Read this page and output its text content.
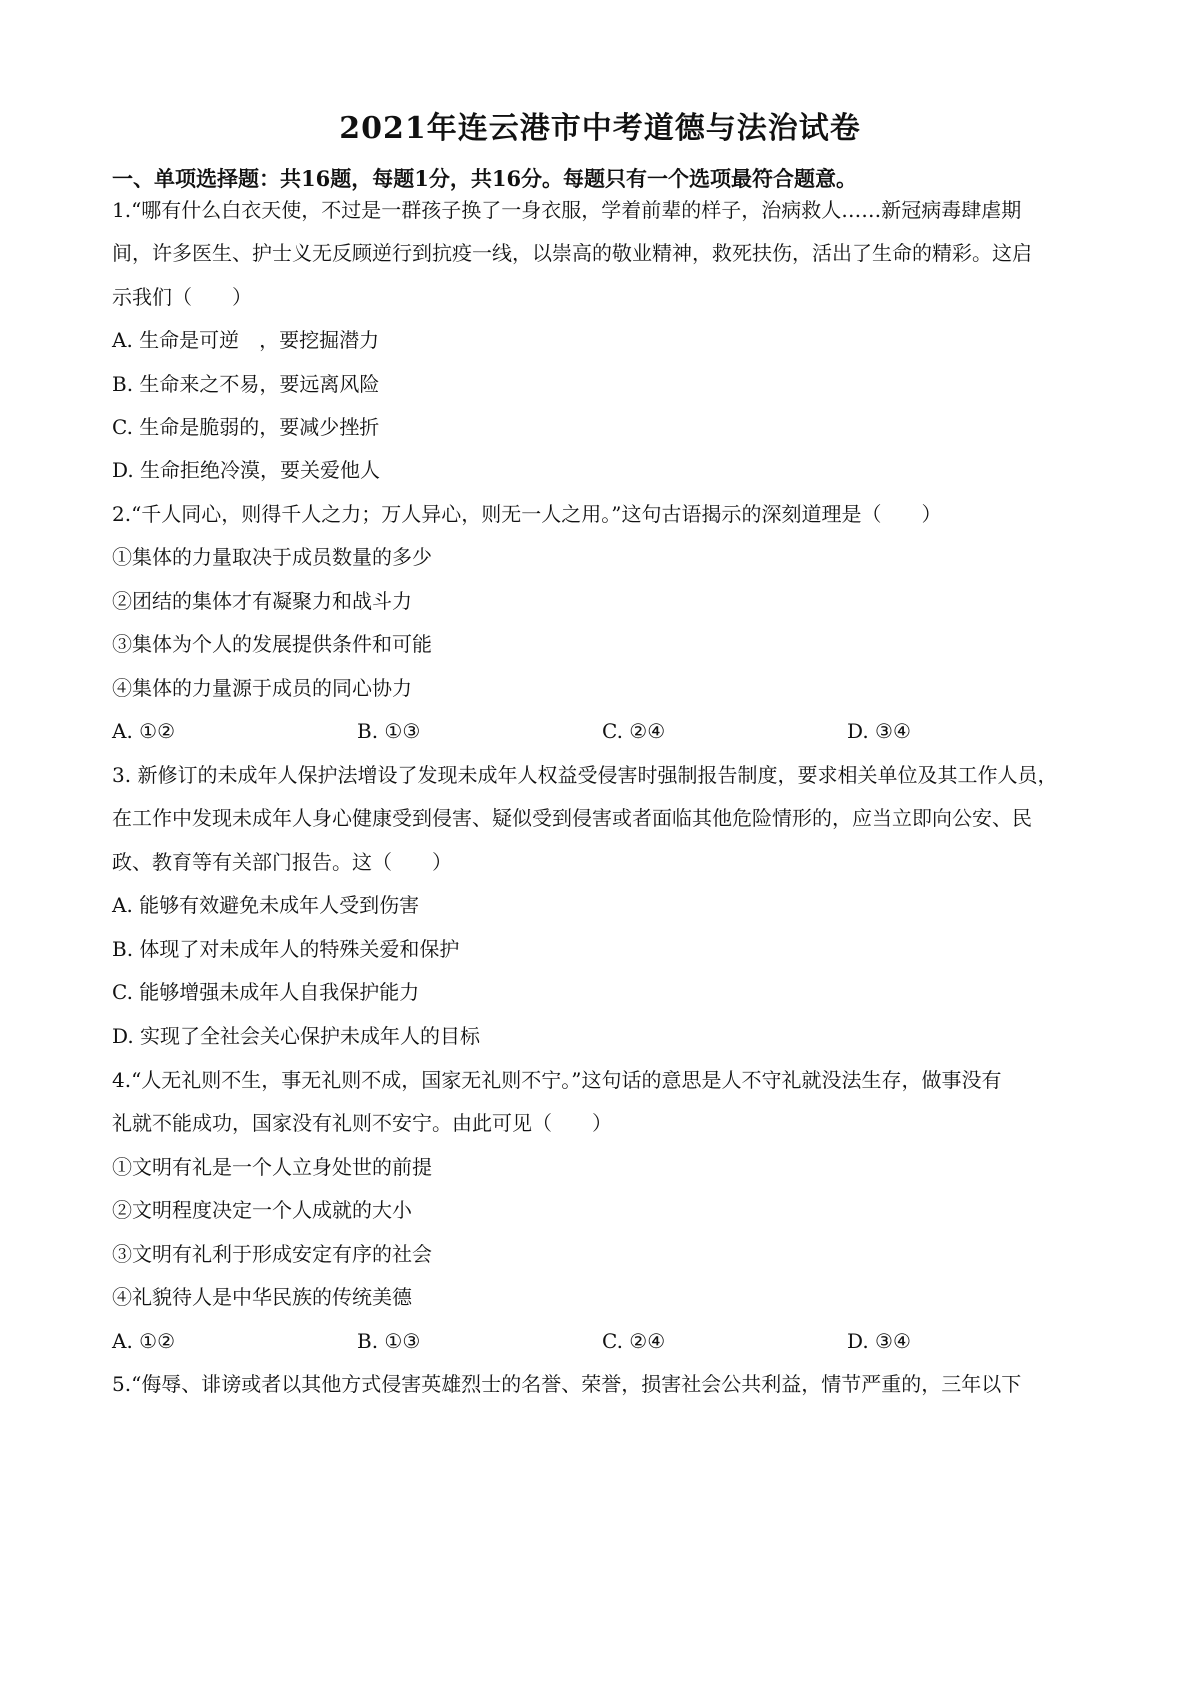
2021年连云港市中考道德与法治试卷
一、单项选择题：共16题，每题1分，共16分。每题只有一个选项最符合题意。
1.“哪有什么白衣天使，不过是一群孩子换了一身衣服，学着前辈的样子，治病救人……新冠病毒肆虐期
间，许多医生、护士义无反顾逆行到抗疫一线，以崇高的敬业精神，救死扶伤，活出了生命的精彩。这启
示我们（　　）
A. 生命是可逆　，要挖掘潜力
B. 生命来之不易，要远离风险
C. 生命是脆弱的，要减少挫折
D. 生命拒绝冷漠，要关爱他人
2.“千人同心，则得千人之力；万人异心，则无一人之用。”这句古语揭示的深刻道理是（　　）
①集体的力量取决于成员数量的多少
②团结的集体才有凝聚力和战斗力
③集体为个人的发展提供条件和可能
④集体的力量源于成员的同心协力
A. ①②	B. ①③	C. ②④	D. ③④
3. 新修订的未成年人保护法增设了发现未成年人权益受侵害时强制报告制度，要求相关单位及其工作人员，
在工作中发现未成年人身心健康受到侵害、疑似受到侵害或者面临其他危险情形的，应当立即向公安、民
政、教育等有关部门报告。这（　　）
A. 能够有效避免未成年人受到伤害
B. 体现了对未成年人的特殊关爱和保护
C. 能够增强未成年人自我保护能力
D. 实现了全社会关心保护未成年人的目标
4.“人无礼则不生，事无礼则不成，国家无礼则不宁。”这句话的意思是人不守礼就没法生存，做事没有
礼就不能成功，国家没有礼则不安宁。由此可见（　　）
①文明有礼是一个人立身处世的前提
②文明程度决定一个人成就的大小
③文明有礼利于形成安定有序的社会
④礼貌待人是中华民族的传统美德
A. ①②	B. ①③	C. ②④	D. ③④
5.“侮辱、诽谤或者以其他方式侵害英雄烈士的名誉、荣誉，损害社会公共利益，情节严重的，三年以下
